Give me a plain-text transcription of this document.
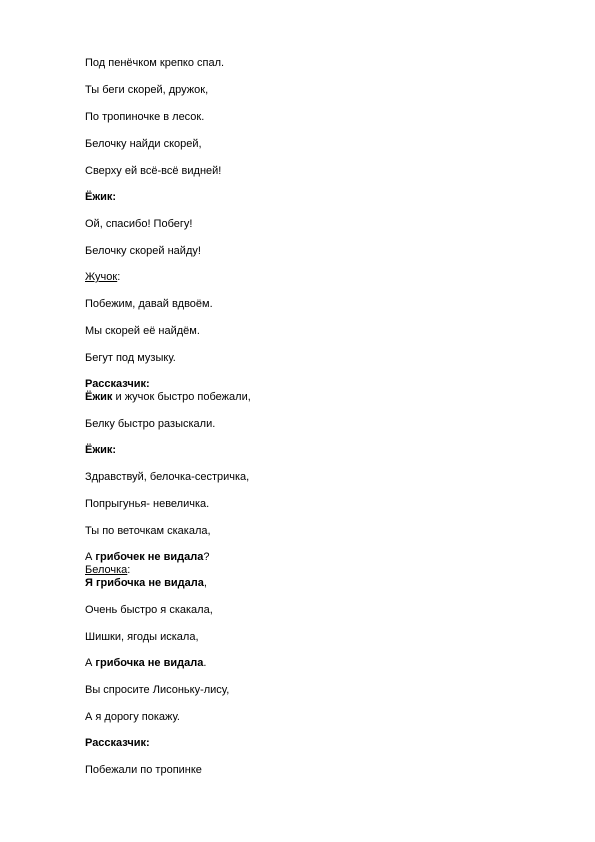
Под пенёчком крепко спал.
Ты беги скорей, дружок,
По тропиночке в лесок.
Белочку найди скорей,
Сверху ей всё-всё видней!
Ёжик:
Ой, спасибо! Побегу!
Белочку скорей найду!
Жучок:
Побежим, давай вдвоём.
Мы скорей её найдём.
Бегут под музыку.
Рассказчик:
Ёжик и жучок быстро побежали,
Белку быстро разыскали.
Ёжик:
Здравствуй, белочка-сестричка,
Попрыгунья- невеличка.
Ты по веточкам скакала,
А грибочек не видала?
Белочка:
Я грибочка не видала,
Очень быстро я скакала,
Шишки, ягоды искала,
А грибочка не видала.
Вы спросите Лисоньку-лису,
А я дорогу покажу.
Рассказчик:
Побежали по тропинке
